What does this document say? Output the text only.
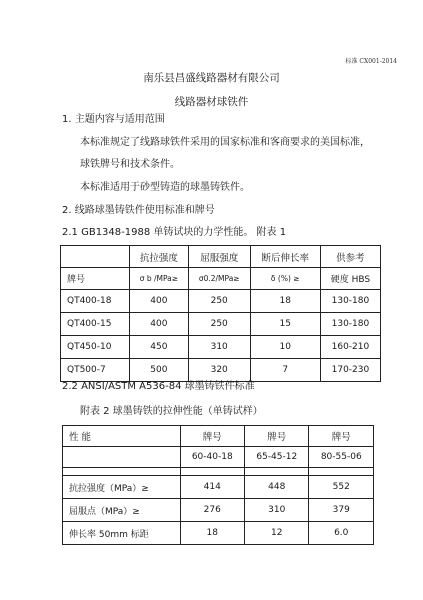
标准 CX001-2014
南乐县昌盛线路器材有限公司
线路器材球铁件
1. 主题内容与适用范围
本标准规定了线路球铁件采用的国家标准和客商要求的美国标准，
球铁牌号和技术条件。
本标准适用于砂型铸造的球墨铸铁件。
2. 线路球墨铸铁件使用标准和牌号
2.1 GB1348-1988 单铸试块的力学性能。 附表 1
	抗拉强度	屈服强度	断后伸长率	供参考
牌号	σ b /MPa≥	σ0.2/MPa≥	δ (%) ≥	硬度 HBS
QT400-18	400	250	18	130-180
QT400-15	400	250	15	130-180
QT450-10	450	310	10	160-210
QT500-7	500	320	7	170-230
2.2 ANSI/ASTM A536-84 球墨铸铁件标准
附表 2 球墨铸铁的拉伸性能（单铸试样）
性 能	牌号	牌号	牌号
	60-40-18	65-45-12	80-55-06

抗拉强度（MPa）≥	414	448	552
屈服点（MPa）≥	276	310	379
伸长率 50mm 标距	18	12	6.0
